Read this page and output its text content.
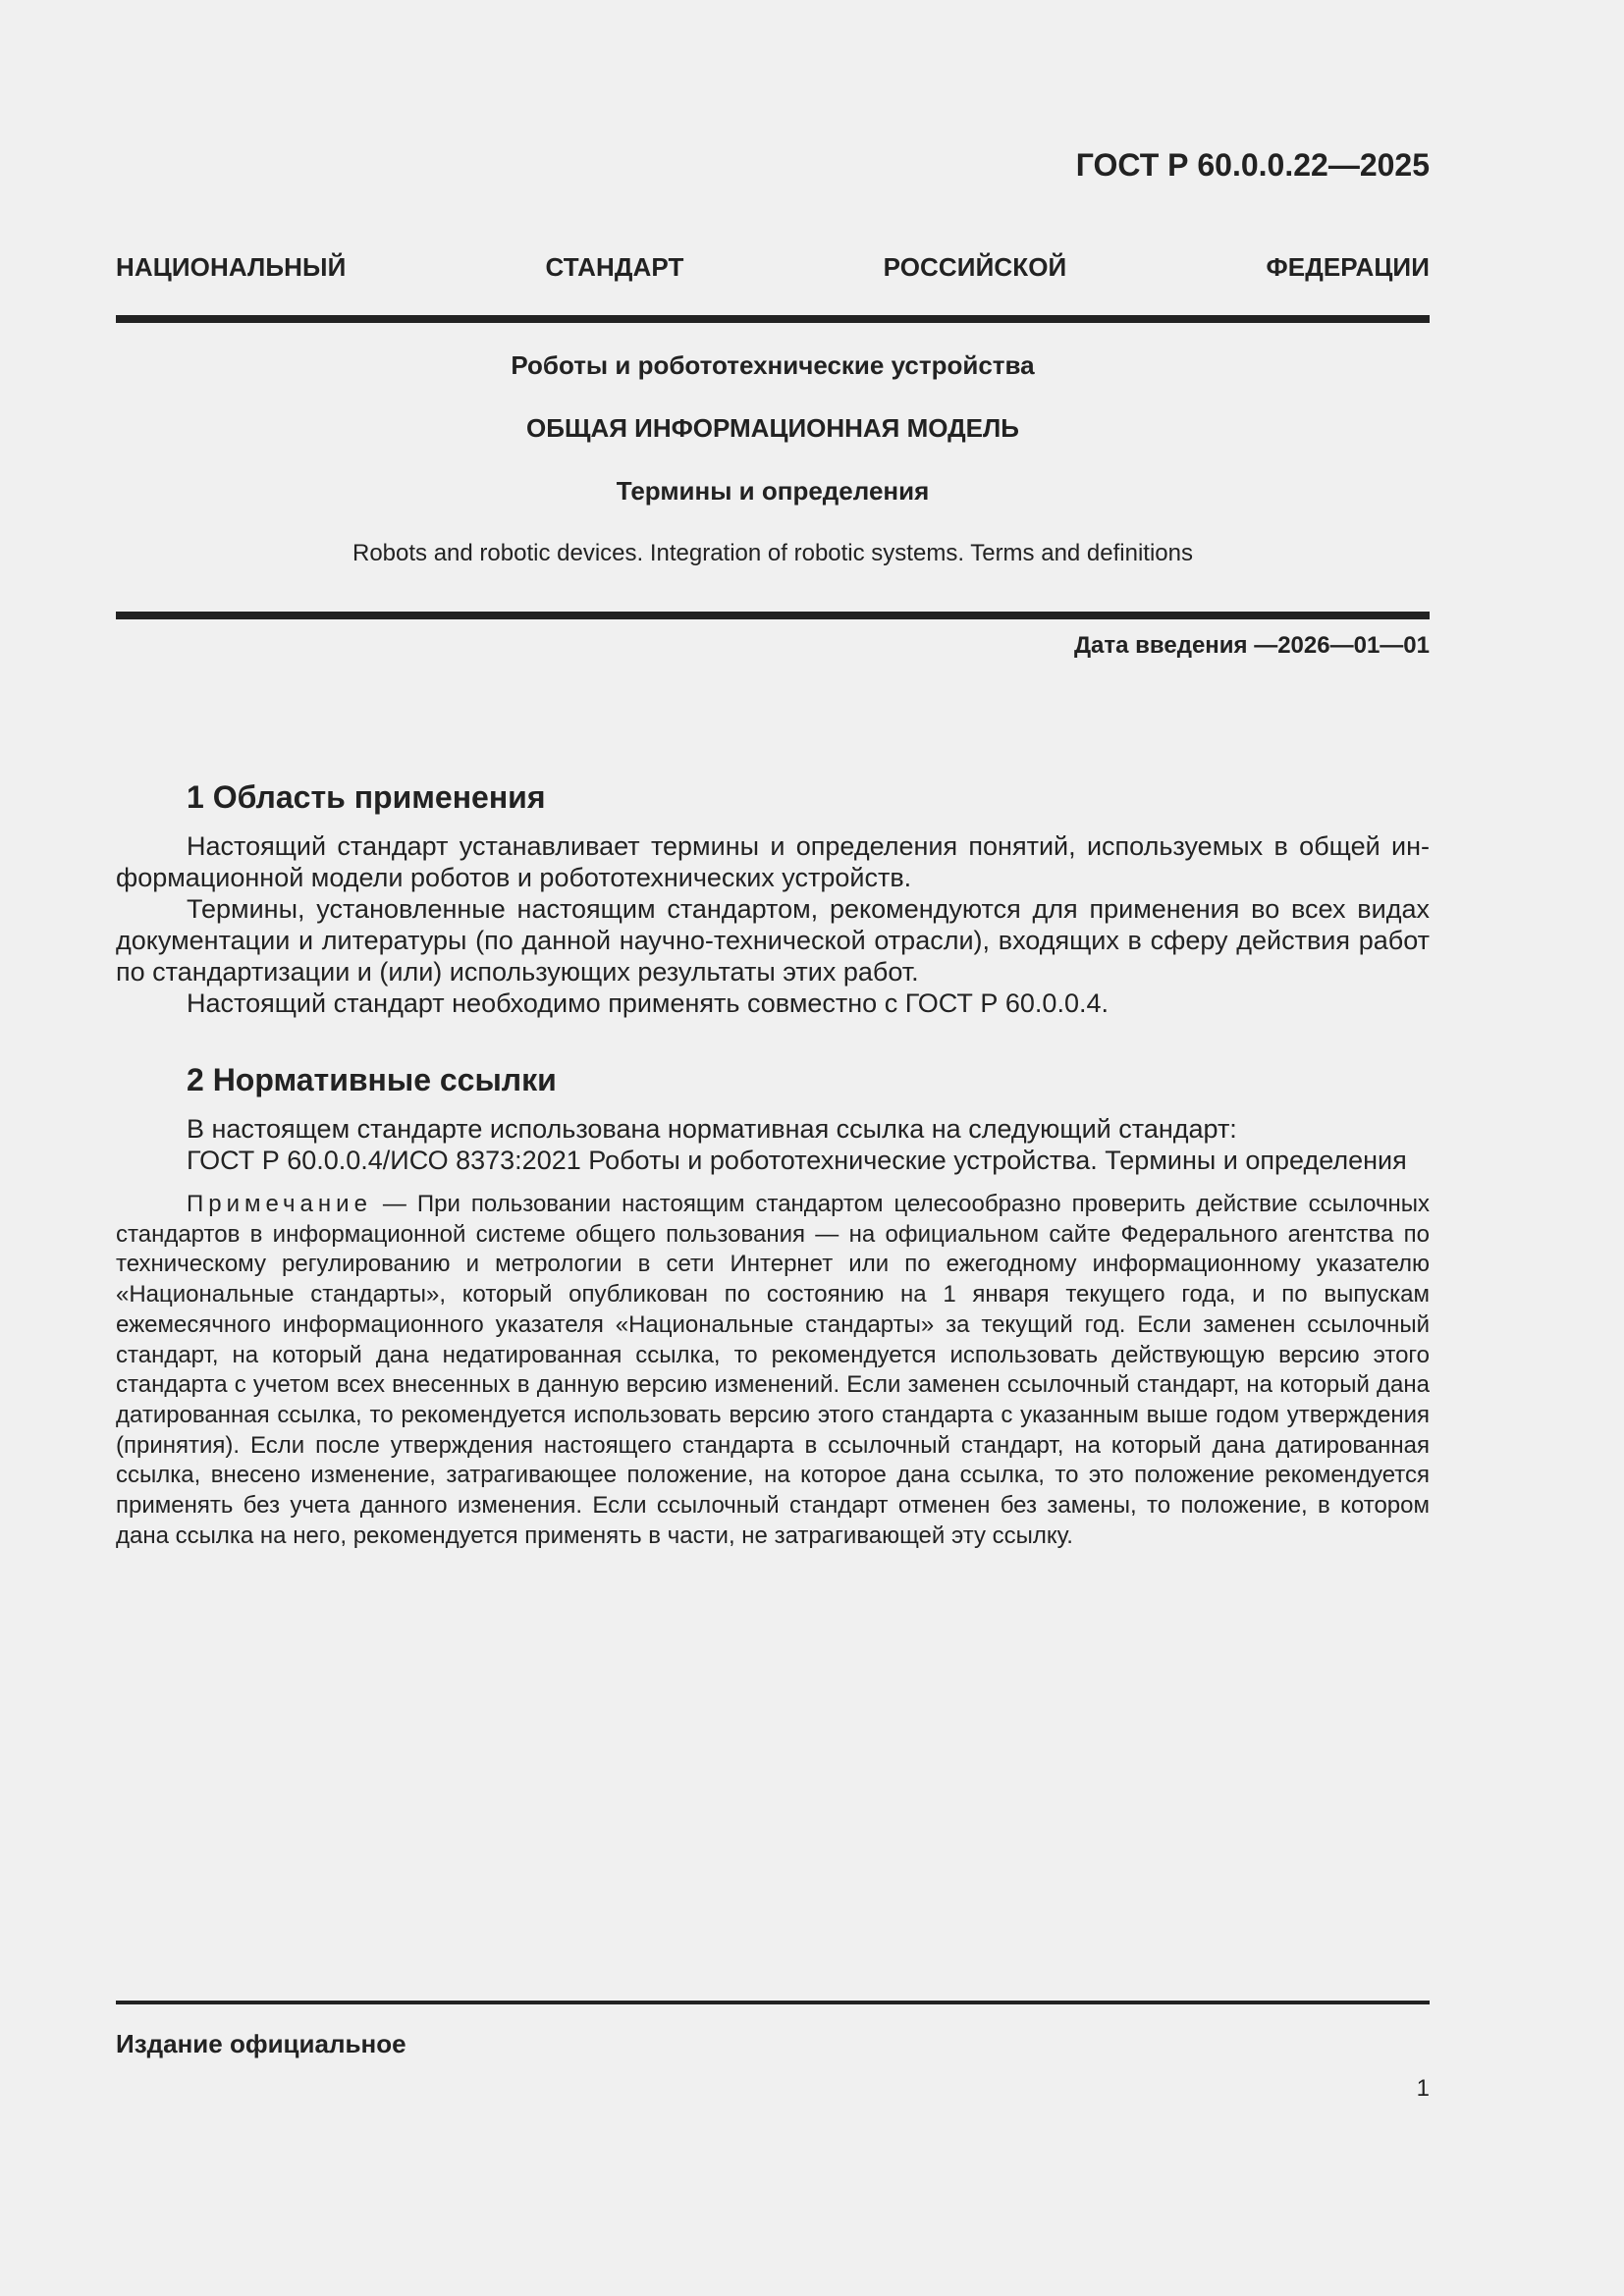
ГОСТ Р 60.0.0.22—2025
НАЦИОНАЛЬНЫЙ СТАНДАРТ РОССИЙСКОЙ ФЕДЕРАЦИИ

Роботы и робототехнические устройства

ОБЩАЯ ИНФОРМАЦИОННАЯ МОДЕЛЬ

Термины и определения

Robots and robotic devices. Integration of robotic systems. Terms and definitions

Дата введения —2026—01—01
1 Область применения

Настоящий стандарт устанавливает термины и определения понятий, используемых в общей информационной модели роботов и робототехнических устройств.

Термины, установленные настоящим стандартом, рекомендуются для применения во всех видах документации и литературы (по данной научно-технической отрасли), входящих в сферу действия работ по стандартизации и (или) использующих результаты этих работ.

Настоящий стандарт необходимо применять совместно с ГОСТ Р 60.0.0.4.

2 Нормативные ссылки

В настоящем стандарте использована нормативная ссылка на следующий стандарт:

ГОСТ Р 60.0.0.4/ИСО 8373:2021 Роботы и робототехнические устройства. Термины и определения

Примечание — При пользовании настоящим стандартом целесообразно проверить действие ссылочных стандартов в информационной системе общего пользования — на официальном сайте Федерального агентства по техническому регулированию и метрологии в сети Интернет или по ежегодному информационному указателю «Национальные стандарты», который опубликован по состоянию на 1 января текущего года, и по выпускам ежемесячного информационного указателя «Национальные стандарты» за текущий год. Если заменен ссылочный стандарт, на который дана недатированная ссылка, то рекомендуется использовать действующую версию этого стандарта с учетом всех внесенных в данную версию изменений. Если заменен ссылочный стандарт, на который дана датированная ссылка, то рекомендуется использовать версию этого стандарта с указанным выше годом утверждения (принятия). Если после утверждения настоящего стандарта в ссылочный стандарт, на который дана датированная ссылка, внесено изменение, затрагивающее положение, на которое дана ссылка, то это положение рекомендуется применять без учета данного изменения. Если ссылочный стандарт отменен без замены, то положение, в котором дана ссылка на него, рекомендуется применять в части, не затрагивающей эту ссылку.

Издание официальное
1
